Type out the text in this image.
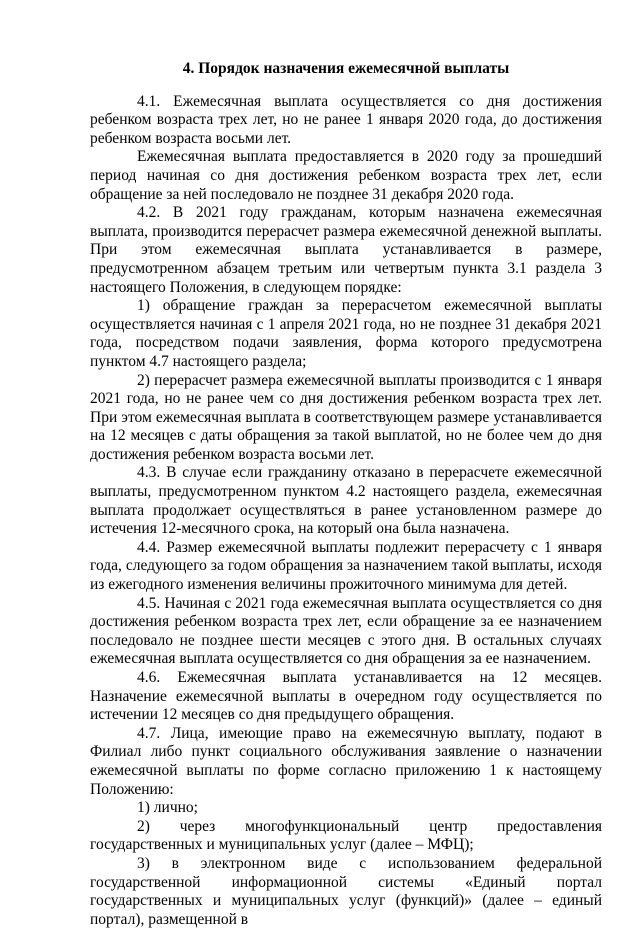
4. Порядок назначения ежемесячной выплаты

4.1. Ежемесячная выплата осуществляется со дня достижения ребенком возраста трех лет, но не ранее 1 января 2020 года, до достижения ребенком возраста восьми лет.

Ежемесячная выплата предоставляется в 2020 году за прошедший период начиная со дня достижения ребенком возраста трех лет, если обращение за ней последовало не позднее 31 декабря 2020 года.

4.2. В 2021 году гражданам, которым назначена ежемесячная выплата, производится перерасчет размера ежемесячной денежной выплаты. При этом ежемесячная выплата устанавливается в размере, предусмотренном абзацем третьим или четвертым пункта 3.1 раздела 3 настоящего Положения, в следующем порядке:

1) обращение граждан за перерасчетом ежемесячной выплаты осуществляется начиная с 1 апреля 2021 года, но не позднее 31 декабря 2021 года, посредством подачи заявления, форма которого предусмотрена пунктом 4.7 настоящего раздела;

2) перерасчет размера ежемесячной выплаты производится с 1 января 2021 года, но не ранее чем со дня достижения ребенком возраста трех лет. При этом ежемесячная выплата в соответствующем размере устанавливается на 12 месяцев с даты обращения за такой выплатой, но не более чем до дня достижения ребенком возраста восьми лет.

4.3. В случае если гражданину отказано в перерасчете ежемесячной выплаты, предусмотренном пунктом 4.2 настоящего раздела, ежемесячная выплата продолжает осуществляться в ранее установленном размере до истечения 12-месячного срока, на который она была назначена.

4.4. Размер ежемесячной выплаты подлежит перерасчету с 1 января года, следующего за годом обращения за назначением такой выплаты, исходя из ежегодного изменения величины прожиточного минимума для детей.

4.5. Начиная с 2021 года ежемесячная выплата осуществляется со дня достижения ребенком возраста трех лет, если обращение за ее назначением последовало не позднее шести месяцев с этого дня. В остальных случаях ежемесячная выплата осуществляется со дня обращения за ее назначением.

4.6. Ежемесячная выплата устанавливается на 12 месяцев. Назначение ежемесячной выплаты в очередном году осуществляется по истечении 12 месяцев со дня предыдущего обращения.

4.7. Лица, имеющие право на ежемесячную выплату, подают в Филиал либо пункт социального обслуживания заявление о назначении ежемесячной выплаты по форме согласно приложению 1 к настоящему Положению:

1) лично;

2) через многофункциональный центр предоставления государственных и муниципальных услуг (далее – МФЦ);

3) в электронном виде с использованием федеральной государственной информационной системы «Единый портал государственных и муниципальных услуг (функций)» (далее – единый портал), размещенной в
